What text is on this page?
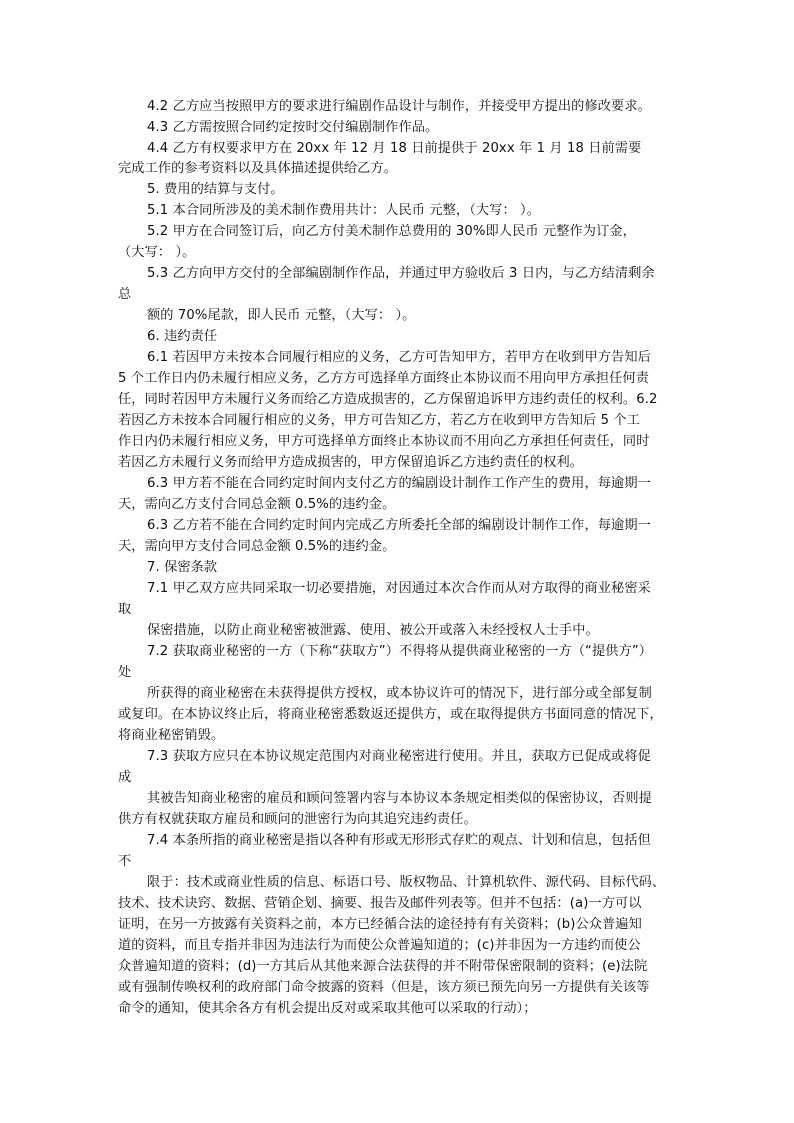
4.2 乙方应当按照甲方的要求进行编剧作品设计与制作，并接受甲方提出的修改要求。
4.3 乙方需按照合同约定按时交付编剧制作作品。
4.4 乙方有权要求甲方在 20xx 年 12 月 18 日前提供于 20xx 年 1 月 18 日前需要
完成工作的参考资料以及具体描述提供给乙方。
5. 费用的结算与支付。
5.1 本合同所涉及的美术制作费用共计：人民币 元整，（大写： ）。
5.2 甲方在合同签订后，向乙方付美术制作总费用的 30%即人民币 元整作为订金，
（大写： ）。
5.3 乙方向甲方交付的全部编剧制作作品，并通过甲方验收后 3 日内，与乙方结清剩余
总
额的 70%尾款，即人民币 元整，（大写： ）。
6. 违约责任
6.1 若因甲方未按本合同履行相应的义务，乙方可告知甲方，若甲方在收到甲方告知后
5 个工作日内仍未履行相应义务，乙方方可选择单方面终止本协议而不用向甲方承担任何责
任，同时若因甲方未履行义务而给乙方造成损害的，乙方保留追诉甲方违约责任的权利。6.2
若因乙方未按本合同履行相应的义务，甲方可告知乙方，若乙方在收到甲方告知后 5 个工
作日内仍未履行相应义务，甲方可选择单方面终止本协议而不用向乙方承担任何责任，同时
若因乙方未履行义务而给甲方造成损害的，甲方保留追诉乙方违约责任的权利。
6.3 甲方若不能在合同约定时间内支付乙方的编剧设计制作工作产生的费用，每逾期一
天，需向乙方支付合同总金额 0.5%的违约金。
6.3 乙方若不能在合同约定时间内完成乙方所委托全部的编剧设计制作工作，每逾期一
天，需向甲方支付合同总金额 0.5%的违约金。
7. 保密条款
7.1 甲乙双方应共同采取一切必要措施，对因通过本次合作而从对方取得的商业秘密采
取
保密措施，以防止商业秘密被泄露、使用、被公开或落入未经授权人士手中。
7.2 获取商业秘密的一方（下称“获取方”）不得将从提供商业秘密的一方（“提供方”）
处
所获得的商业秘密在未获得提供方授权，或本协议许可的情况下，进行部分或全部复制
或复印。在本协议终止后，将商业秘密悉数返还提供方，或在取得提供方书面同意的情况下，
将商业秘密销毁。
7.3 获取方应只在本协议规定范围内对商业秘密进行使用。并且，获取方已促成或将促
成
其被告知商业秘密的雇员和顾问签署内容与本协议本条规定相类似的保密协议，否则提
供方有权就获取方雇员和顾问的泄密行为向其追究违约责任。
7.4 本条所指的商业秘密是指以各种有形或无形形式存贮的观点、计划和信息，包括但
不
限于：技术或商业性质的信息、标语口号、版权物品、计算机软件、源代码、目标代码、
技术、技术诀窍、数据、营销企划、摘要、报告及邮件列表等。但并不包括：(a)一方可以
证明，在另一方披露有关资料之前，本方已经循合法的途径持有有关资料；(b)公众普遍知
道的资料，而且专指并非因为违法行为而使公众普遍知道的；(c)并非因为一方违约而使公
众普遍知道的资料；(d)一方其后从其他来源合法获得的并不附带保密限制的资料；(e)法院
或有强制传唤权利的政府部门命令披露的资料（但是，该方须已预先向另一方提供有关该等
命令的通知，使其余各方有机会提出反对或采取其他可以采取的行动）；
